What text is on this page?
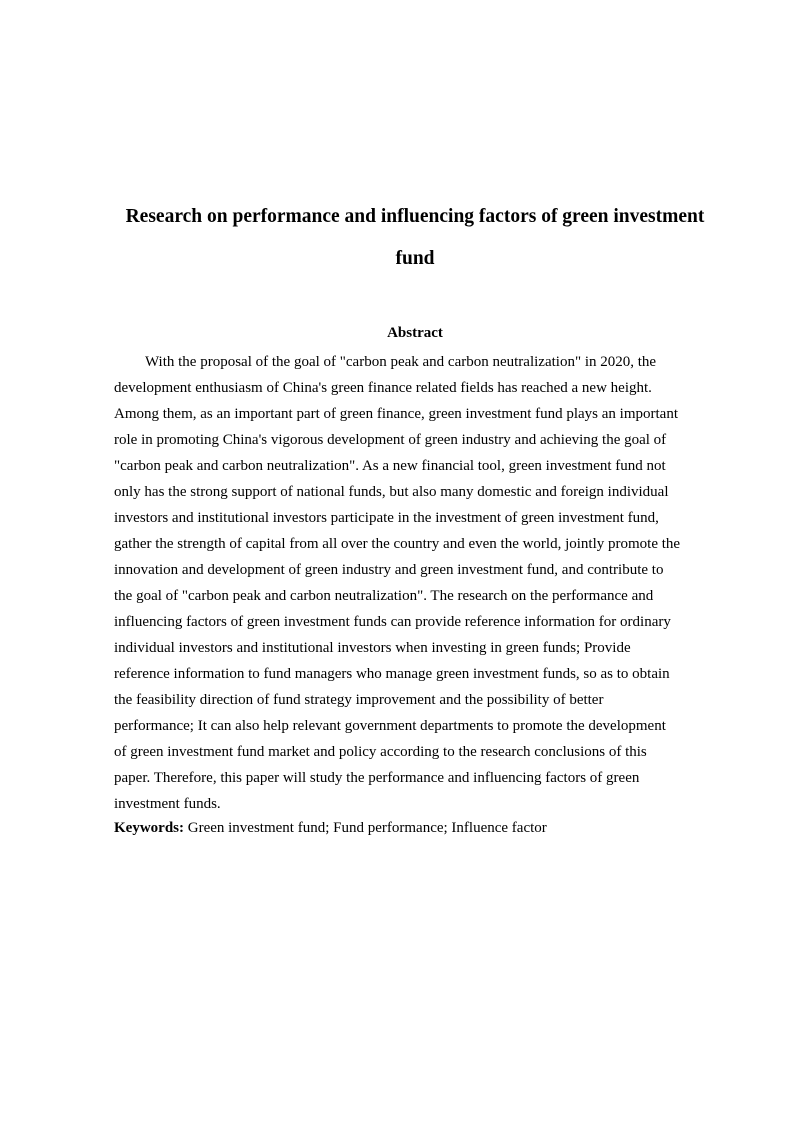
Research on performance and influencing factors of green investment
fund
Abstract

With the proposal of the goal of "carbon peak and carbon neutralization" in 2020, the
development enthusiasm of China's green finance related fields has reached a new height.
Among them, as an important part of green finance, green investment fund plays an important
role in promoting China's vigorous development of green industry and achieving the goal of
"carbon peak and carbon neutralization". As a new financial tool, green investment fund not
only has the strong support of national funds, but also many domestic and foreign individual
investors and institutional investors participate in the investment of green investment fund,
gather the strength of capital from all over the country and even the world, jointly promote the
innovation and development of green industry and green investment fund, and contribute to
the goal of "carbon peak and carbon neutralization". The research on the performance and
influencing factors of green investment funds can provide reference information for ordinary
individual investors and institutional investors when investing in green funds; Provide
reference information to fund managers who manage green investment funds, so as to obtain
the feasibility direction of fund strategy improvement and the possibility of better
performance; It can also help relevant government departments to promote the development
of green investment fund market and policy according to the research conclusions of this
paper. Therefore, this paper will study the performance and influencing factors of green
investment funds.

Keywords: Green investment fund; Fund performance; Influence factor
